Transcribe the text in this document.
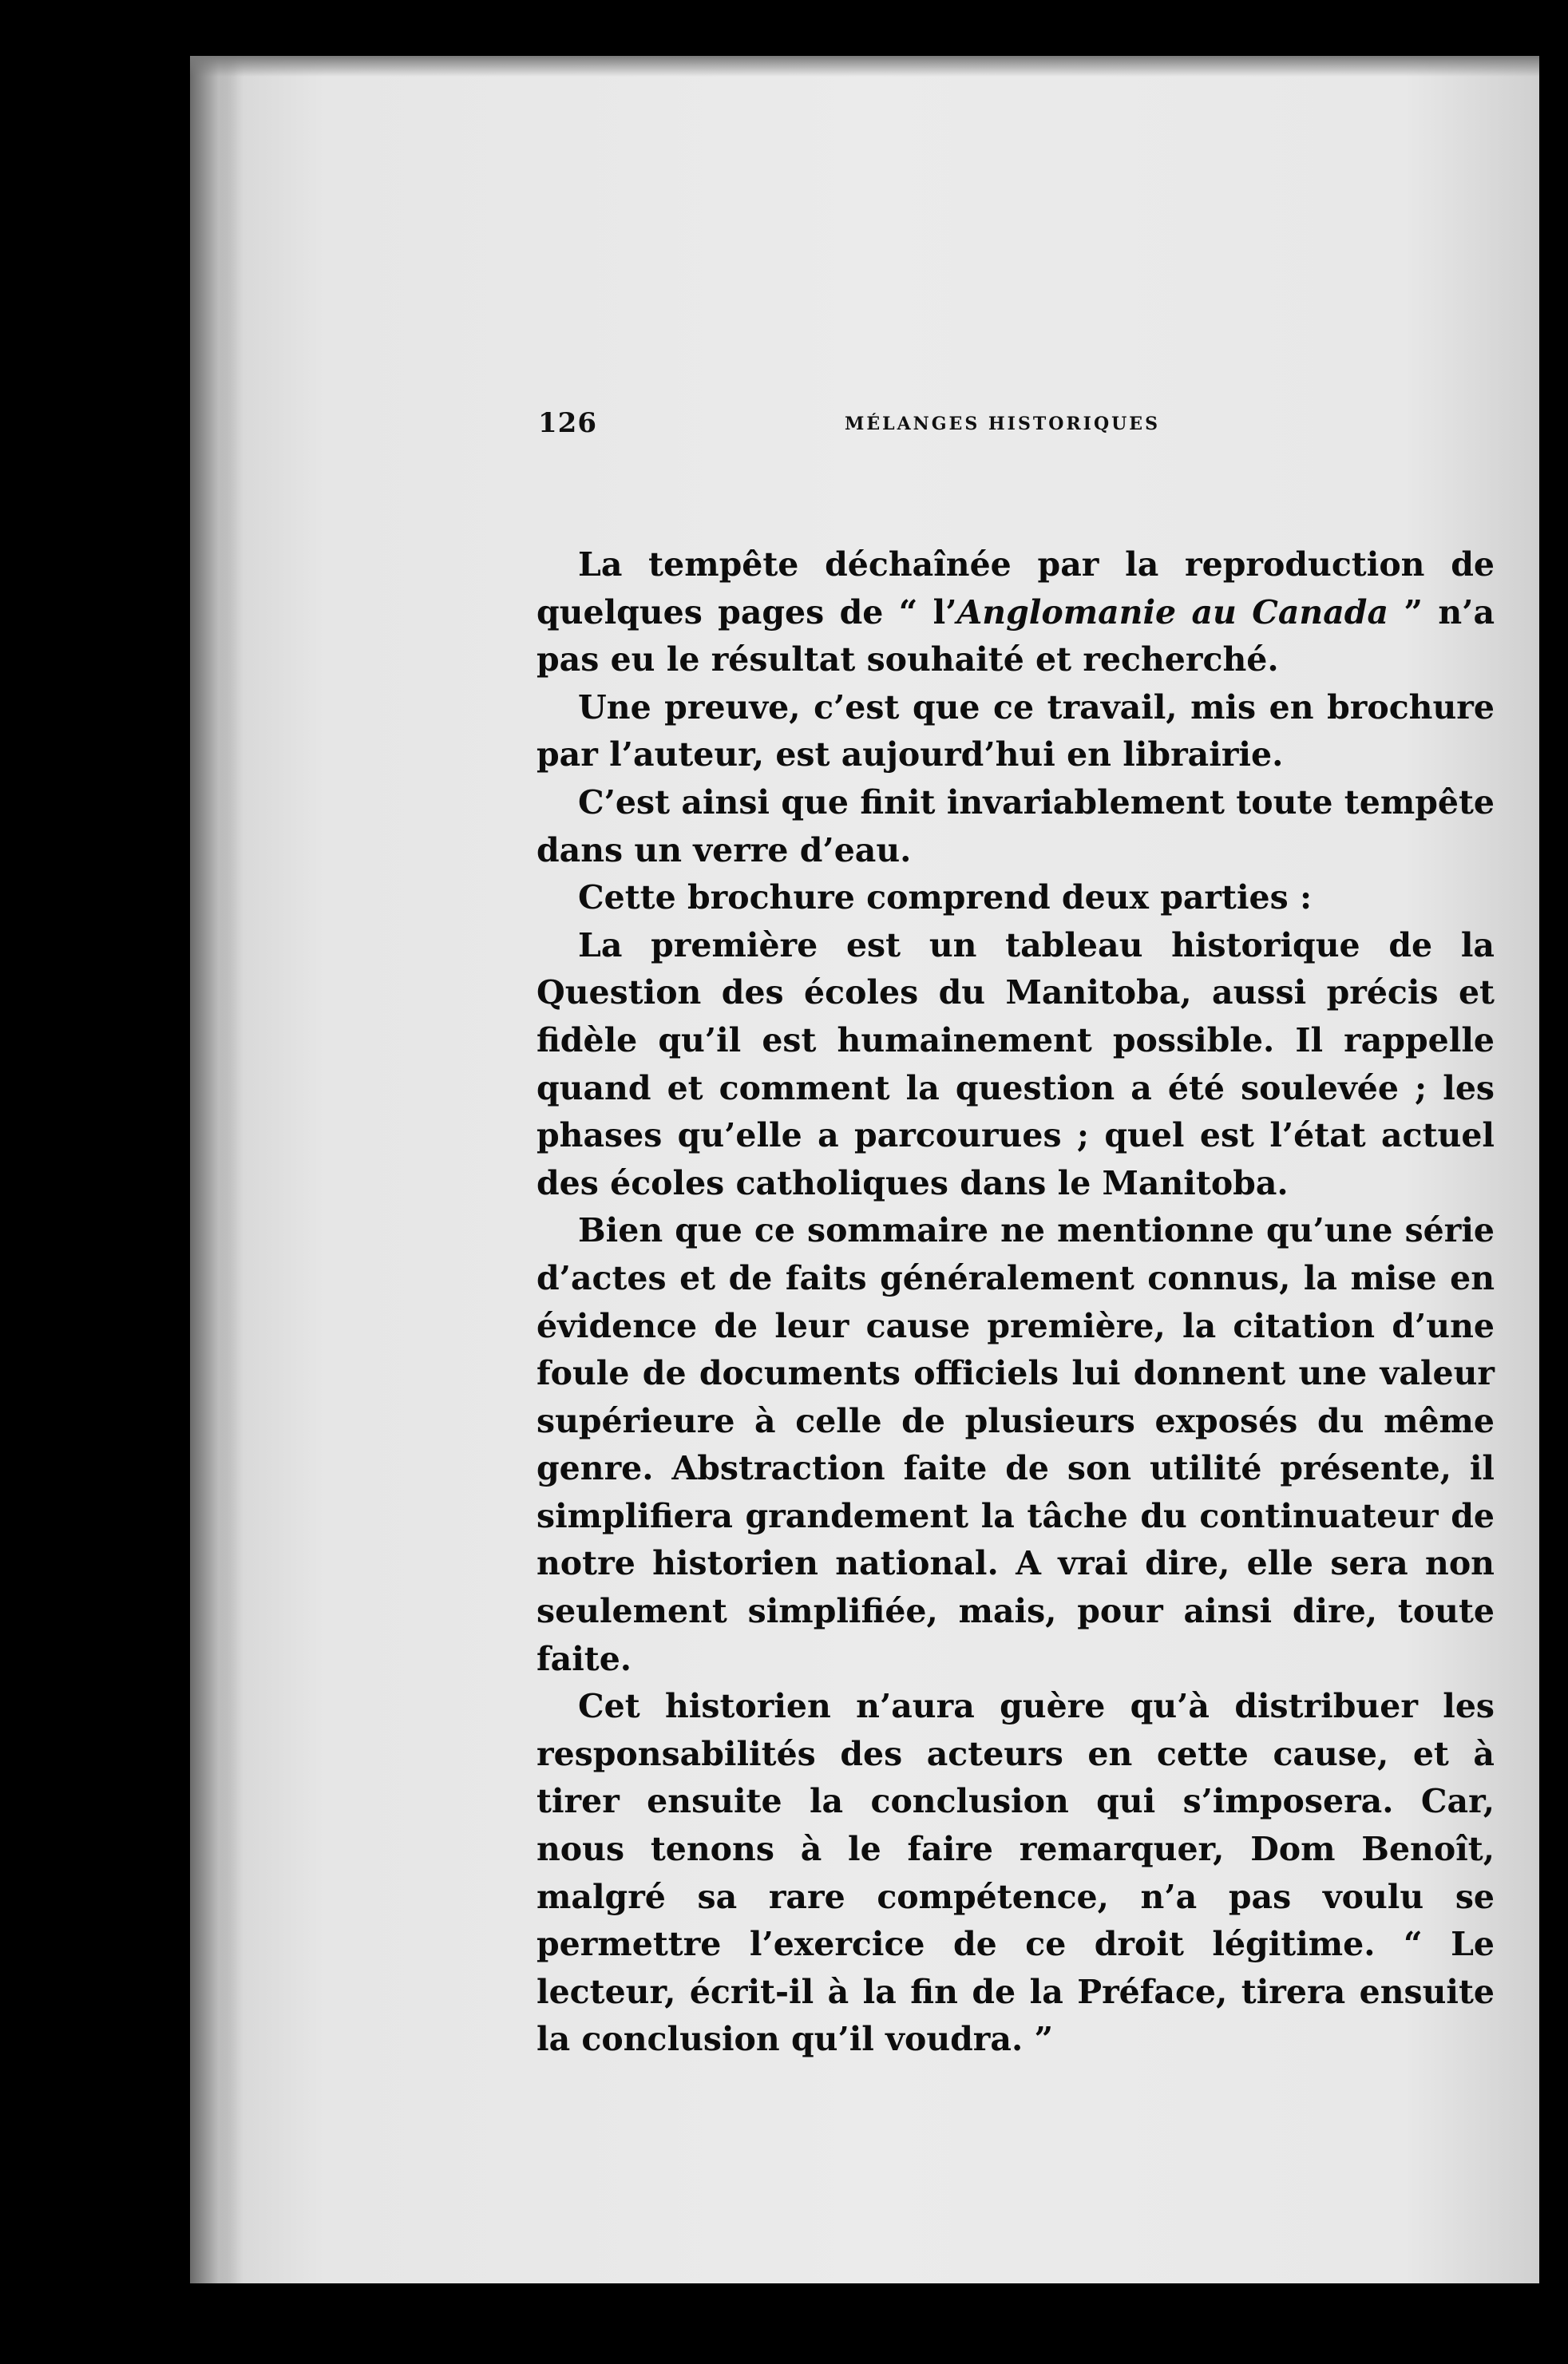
126	MÉLANGES HISTORIQUES

La tempête déchaînée par la reproduction de quelques pages de “ l’Anglomanie au Canada ” n’a pas eu le résultat souhaité et recherché.

Une preuve, c’est que ce travail, mis en brochure par l’auteur, est aujourd’hui en librairie.

C’est ainsi que finit invariablement toute tempête dans un verre d’eau.

Cette brochure comprend deux parties :

La première est un tableau historique de la Question des écoles du Manitoba, aussi précis et fidèle qu’il est humainement possible. Il rappelle quand et comment la question a été soulevée ; les phases qu’elle a parcourues ; quel est l’état actuel des écoles catholiques dans le Manitoba.

Bien que ce sommaire ne mentionne qu’une série d’actes et de faits généralement connus, la mise en évidence de leur cause première, la citation d’une foule de documents officiels lui donnent une valeur supérieure à celle de plusieurs exposés du même genre. Abstraction faite de son utilité présente, il simplifiera grandement la tâche du continuateur de notre historien national. A vrai dire, elle sera non seulement simplifiée, mais, pour ainsi dire, toute faite.

Cet historien n’aura guère qu’à distribuer les responsabilités des acteurs en cette cause, et à tirer ensuite la conclusion qui s’imposera. Car, nous tenons à le faire remarquer, Dom Benoît, malgré sa rare compétence, n’a pas voulu se permettre l’exercice de ce droit légitime. “ Le lecteur, écrit-il à la fin de la Préface, tirera ensuite la conclusion qu’il voudra. ”
